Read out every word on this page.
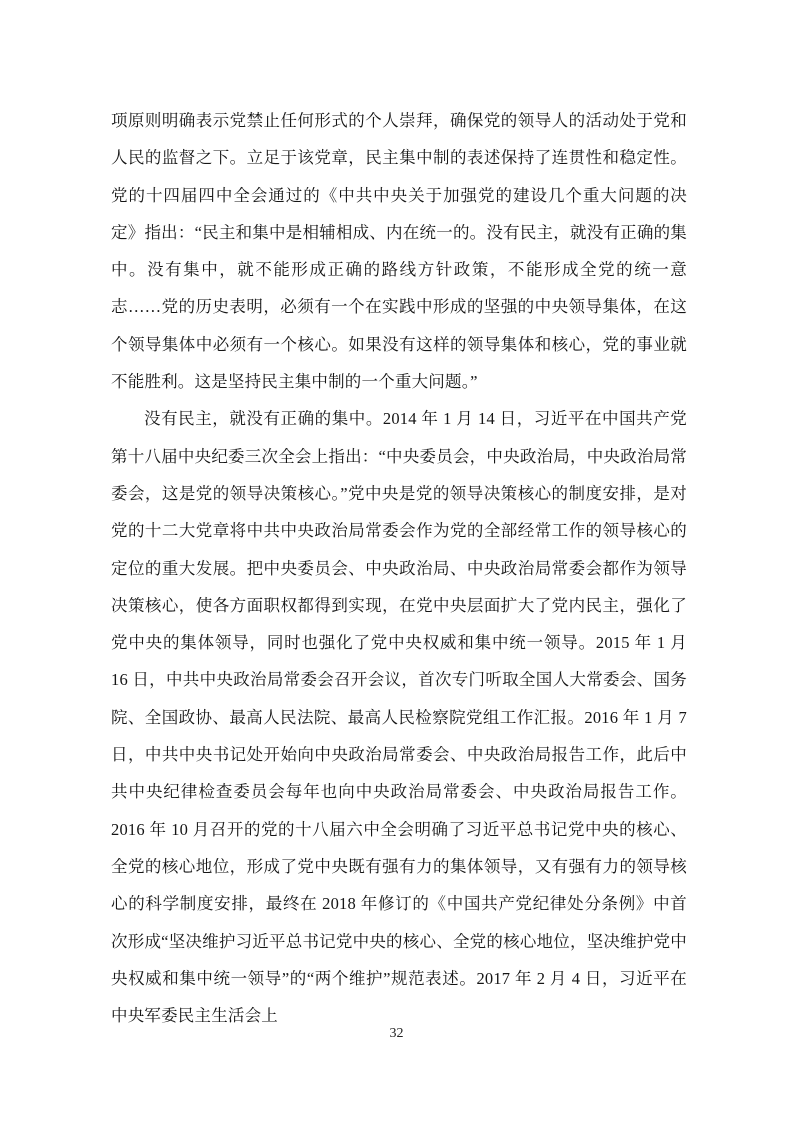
项原则明确表示党禁止任何形式的个人崇拜，确保党的领导人的活动处于党和人民的监督之下。立足于该党章，民主集中制的表述保持了连贯性和稳定性。党的十四届四中全会通过的《中共中央关于加强党的建设几个重大问题的决定》指出：“民主和集中是相辅相成、内在统一的。没有民主，就没有正确的集中。没有集中，就不能形成正确的路线方针政策，不能形成全党的统一意志……党的历史表明，必须有一个在实践中形成的坚强的中央领导集体，在这个领导集体中必须有一个核心。如果没有这样的领导集体和核心，党的事业就不能胜利。这是坚持民主集中制的一个重大问题。”

没有民主，就没有正确的集中。2014 年 1 月 14 日，习近平在中国共产党第十八届中央纪委三次全会上指出：“中央委员会，中央政治局，中央政治局常委会，这是党的领导决策核心。”党中央是党的领导决策核心的制度安排，是对党的十二大党章将中共中央政治局常委会作为党的全部经常工作的领导核心的定位的重大发展。把中央委员会、中央政治局、中央政治局常委会都作为领导决策核心，使各方面职权都得到实现，在党中央层面扩大了党内民主，强化了党中央的集体领导，同时也强化了党中央权威和集中统一领导。2015 年 1 月 16 日，中共中央政治局常委会召开会议，首次专门听取全国人大常委会、国务院、全国政协、最高人民法院、最高人民检察院党组工作汇报。2016 年 1 月 7 日，中共中央书记处开始向中央政治局常委会、中央政治局报告工作，此后中共中央纪律检查委员会每年也向中央政治局常委会、中央政治局报告工作。2016 年 10 月召开的党的十八届六中全会明确了习近平总书记党中央的核心、全党的核心地位，形成了党中央既有强有力的集体领导，又有强有力的领导核心的科学制度安排，最终在 2018 年修订的《中国共产党纪律处分条例》中首次形成“坚决维护习近平总书记党中央的核心、全党的核心地位，坚决维护党中央权威和集中统一领导”的“两个维护”规范表述。2017 年 2 月 4 日，习近平在中央军委民主生活会上

32
